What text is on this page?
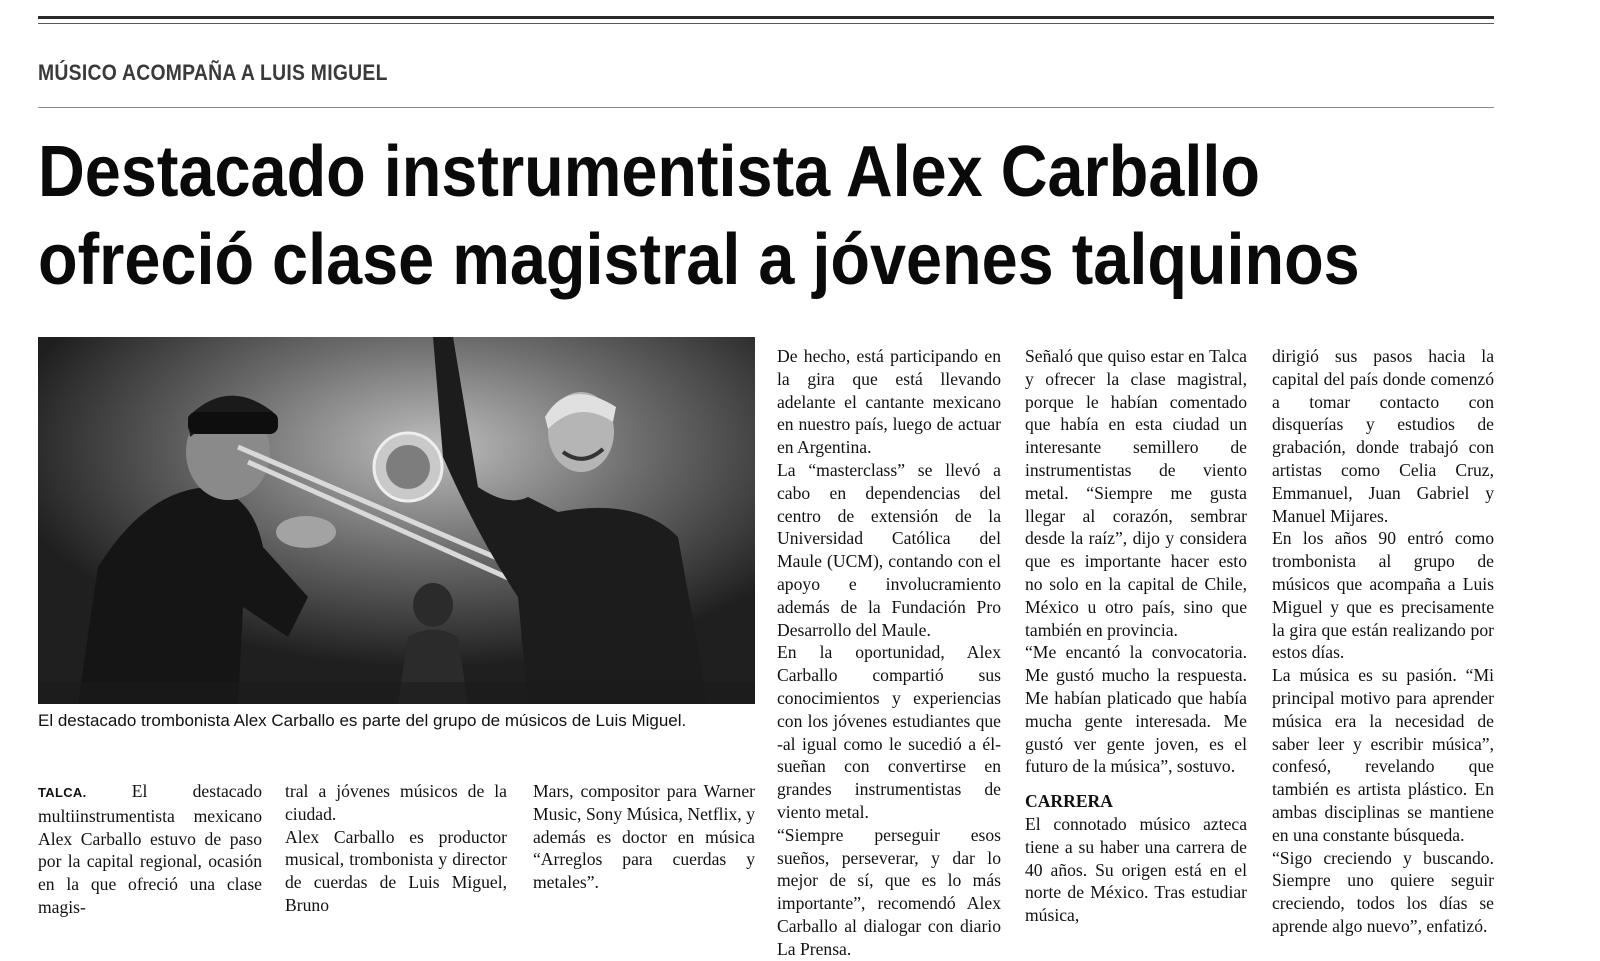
MÚSICO ACOMPAÑA A LUIS MIGUEL
Destacado instrumentista Alex Carballo
ofreció clase magistral a jóvenes talquinos
El destacado trombonista Alex Carballo es parte del grupo de músicos de Luis Miguel.

TALCA. El destacado multiinstrumentista mexicano Alex Carballo estuvo de paso por la capital regional, ocasión en la que ofreció una clase magis-

tral a jóvenes músicos de la ciudad.

Alex Carballo es productor musical, trombonista y director de cuerdas de Luis Miguel, Bruno

Mars, compositor para Warner Music, Sony Música, Netflix, y además es doctor en música “Arreglos para cuerdas y metales”.

De hecho, está participando en la gira que está llevando adelante el cantante mexicano en nuestro país, luego de actuar en Argentina.

La “masterclass” se llevó a cabo en dependencias del centro de extensión de la Universidad Católica del Maule (UCM), contando con el apoyo e involucramiento además de la Fundación Pro Desarrollo del Maule.

En la oportunidad, Alex Carballo compartió sus conocimientos y experiencias con los jóvenes estudiantes que -al igual como le sucedió a él- sueñan con convertirse en grandes instrumentistas de viento metal.

“Siempre perseguir esos sueños, perseverar, y dar lo mejor de sí, que es lo más importante”, recomendó Alex Carballo al dialogar con diario La Prensa.

Señaló que quiso estar en Talca y ofrecer la clase magistral, porque le habían comentado que había en esta ciudad un interesante semillero de instrumentistas de viento metal. “Siempre me gusta llegar al corazón, sembrar desde la raíz”, dijo y considera que es importante hacer esto no solo en la capital de Chile, México u otro país, sino que también en provincia.

“Me encantó la convocatoria. Me gustó mucho la respuesta. Me habían platicado que había mucha gente interesada. Me gustó ver gente joven, es el futuro de la música”, sostuvo.

CARRERA

El connotado músico azteca tiene a su haber una carrera de 40 años. Su origen está en el norte de México. Tras estudiar música,

dirigió sus pasos hacia la capital del país donde comenzó a tomar contacto con disquerías y estudios de grabación, donde trabajó con artistas como Celia Cruz, Emmanuel, Juan Gabriel y Manuel Mijares.

En los años 90 entró como trombonista al grupo de músicos que acompaña a Luis Miguel y que es precisamente la gira que están realizando por estos días.

La música es su pasión. “Mi principal motivo para aprender música era la necesidad de saber leer y escribir música”, confesó, revelando que también es artista plástico. En ambas disciplinas se mantiene en una constante búsqueda.

“Sigo creciendo y buscando. Siempre uno quiere seguir creciendo, todos los días se aprende algo nuevo”, enfatizó.
